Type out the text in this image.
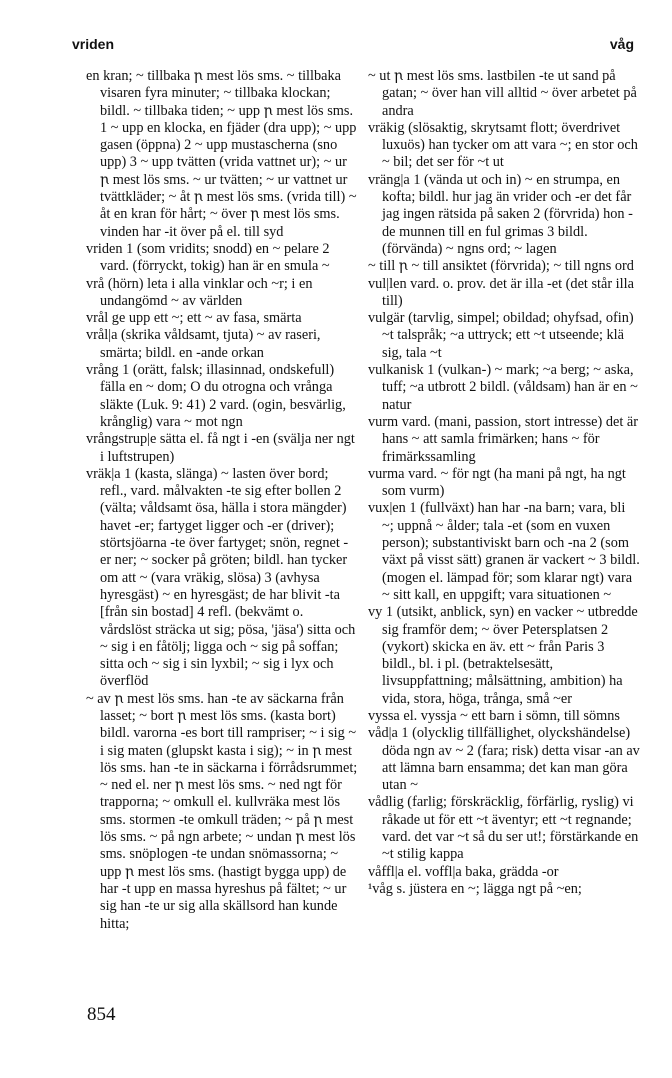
vriden	våg

en kran; ~ tillbaka ꞃ mest lös sms. ~ tillbaka visaren fyra minuter; ~ tillbaka klockan; bildl. ~ tillbaka tiden; ~ upp ꞃ mest lös sms. 1 ~ upp en klocka, en fjäder (dra upp); ~ upp gasen (öppna) 2 ~ upp mustascherna (sno upp) 3 ~ upp tvätten (vrida vattnet ur); ~ ur ꞃ mest lös sms. ~ ur tvätten; ~ ur vattnet ur tvättkläder; ~ åt ꞃ mest lös sms. (vrida till) ~ åt en kran för hårt; ~ över ꞃ mest lös sms. vinden har -it över på el. till syd

vriden 1 (som vridits; snodd) en ~ pelare 2 vard. (förryckt, tokig) han är en smula ~

vrå (hörn) leta i alla vinklar och ~r; i en undangömd ~ av världen

vrål ge upp ett ~; ett ~ av fasa, smärta

vrål|a (skrika våldsamt, tjuta) ~ av raseri, smärta; bildl. en -ande orkan

vrång 1 (orätt, falsk; illasinnad, ondskefull) fälla en ~ dom; O du otrogna och vrånga släkte (Luk. 9: 41) 2 vard. (ogin, besvärlig, krånglig) vara ~ mot ngn

vrångstrup|e sätta el. få ngt i -en (svälja ner ngt i luftstrupen)

vräk|a 1 (kasta, slänga) ~ lasten över bord; refl., vard. målvakten -te sig efter bollen 2 (välta; våldsamt ösa, hälla i stora mängder) havet -er; fartyget ligger och -er (driver); störtsjöarna -te över fartyget; snön, regnet -er ner; ~ socker på gröten; bildl. han tycker om att ~ (vara vräkig, slösa) 3 (avhysa hyresgäst) ~ en hyresgäst; de har blivit -ta [från sin bostad] 4 refl. (bekvämt o. vårdslöst sträcka ut sig; pösa, 'jäsa') sitta och ~ sig i en fåtölj; ligga och ~ sig på soffan; sitta och ~ sig i sin lyxbil; ~ sig i lyx och överflöd

~ av ꞃ mest lös sms. han -te av säckarna från lasset; ~ bort ꞃ mest lös sms. (kasta bort) bildl. varorna -es bort till rampriser; ~ i sig ~ i sig maten (glupskt kasta i sig); ~ in ꞃ mest lös sms. han -te in säckarna i förrådsrummet; ~ ned el. ner ꞃ mest lös sms. ~ ned ngt för trapporna; ~ omkull el. kullvräka mest lös sms. stormen -te omkull träden; ~ på ꞃ mest lös sms. ~ på ngn arbete; ~ undan ꞃ mest lös sms. snöplogen -te undan snömassorna; ~ upp ꞃ mest lös sms. (hastigt bygga upp) de har -t upp en massa hyreshus på fältet; ~ ur sig han -te ur sig alla skällsord han kunde hitta;

~ ut ꞃ mest lös sms. lastbilen -te ut sand på gatan; ~ över han vill alltid ~ över arbetet på andra

vräkig (slösaktig, skrytsamt flott; överdrivet luxuös) han tycker om att vara ~; en stor och ~ bil; det ser för ~t ut

vräng|a 1 (vända ut och in) ~ en strumpa, en kofta; bildl. hur jag än vrider och -er det får jag ingen rätsida på saken 2 (förvrida) hon -de munnen till en ful grimas 3 bildl. (förvända) ~ ngns ord; ~ lagen

~ till ꞃ ~ till ansiktet (förvrida); ~ till ngns ord

vul|len vard. o. prov. det är illa -et (det står illa till)

vulgär (tarvlig, simpel; obildad; ohyfsad, ofin) ~t talspråk; ~a uttryck; ett ~t utseende; klä sig, tala ~t

vulkanisk 1 (vulkan-) ~ mark; ~a berg; ~ aska, tuff; ~a utbrott 2 bildl. (våldsam) han är en ~ natur

vurm vard. (mani, passion, stort intresse) det är hans ~ att samla frimärken; hans ~ för frimärkssamling

vurma vard. ~ för ngt (ha mani på ngt, ha ngt som vurm)

vux|en 1 (fullväxt) han har -na barn; vara, bli ~; uppnå ~ ålder; tala -et (som en vuxen person); substantiviskt barn och -na 2 (som växt på visst sätt) granen är vackert ~ 3 bildl. (mogen el. lämpad för; som klarar ngt) vara ~ sitt kall, en uppgift; vara situationen ~

vy 1 (utsikt, anblick, syn) en vacker ~ utbredde sig framför dem; ~ över Petersplatsen 2 (vykort) skicka en äv. ett ~ från Paris 3 bildl., bl. i pl. (betraktelsesätt, livsuppfattning; målsättning, ambition) ha vida, stora, höga, trånga, små ~er

vyssa el. vyssja ~ ett barn i sömn, till sömns

våd|a 1 (olycklig tillfällighet, olyckshändelse) döda ngn av ~ 2 (fara; risk) detta visar -an av att lämna barn ensamma; det kan man göra utan ~

vådlig (farlig; förskräcklig, förfärlig, ryslig) vi råkade ut för ett ~t äventyr; ett ~t regnande; vard. det var ~t så du ser ut!; förstärkande en ~t stilig kappa

våffl|a el. voffl|a baka, grädda -or

¹våg s. jüstera en ~; lägga ngt på ~en;

854
